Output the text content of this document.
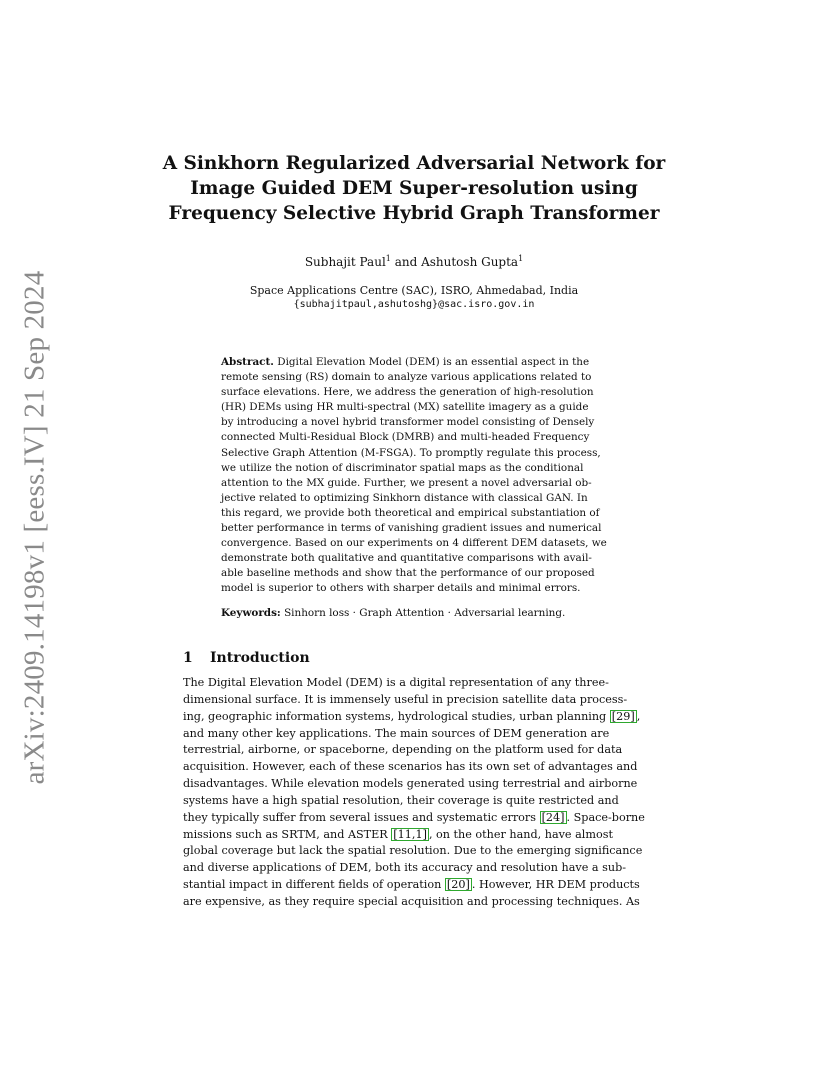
arXiv:2409.14198v1 [eess.IV] 21 Sep 2024
A Sinkhorn Regularized Adversarial Network for
Image Guided DEM Super-resolution using
Frequency Selective Hybrid Graph Transformer
Subhajit Paul$^1$ and Ashutosh Gupta$^1$
Space Applications Centre (SAC), ISRO, Ahmedabad, India
{subhajitpaul,ashutoshg}@sac.isro.gov.in

Abstract. Digital Elevation Model (DEM) is an essential aspect in the
remote sensing (RS) domain to analyze various applications related to
surface elevations. Here, we address the generation of high-resolution
(HR) DEMs using HR multi-spectral (MX) satellite imagery as a guide
by introducing a novel hybrid transformer model consisting of Densely
connected Multi-Residual Block (DMRB) and multi-headed Frequency
Selective Graph Attention (M-FSGA). To promptly regulate this process,
we utilize the notion of discriminator spatial maps as the conditional
attention to the MX guide. Further, we present a novel adversarial ob-
jective related to optimizing Sinkhorn distance with classical GAN. In
this regard, we provide both theoretical and empirical substantiation of
better performance in terms of vanishing gradient issues and numerical
convergence. Based on our experiments on 4 different DEM datasets, we
demonstrate both qualitative and quantitative comparisons with avail-
able baseline methods and show that the performance of our proposed
model is superior to others with sharper details and minimal errors.

Keywords: Sinhorn loss · Graph Attention · Adversarial learning.

1 Introduction

The Digital Elevation Model (DEM) is a digital representation of any three-
dimensional surface. It is immensely useful in precision satellite data process-
ing, geographic information systems, hydrological studies, urban planning [29] ,
and many other key applications. The main sources of DEM generation are
terrestrial, airborne, or spaceborne, depending on the platform used for data
acquisition. However, each of these scenarios has its own set of advantages and
disadvantages. While elevation models generated using terrestrial and airborne
systems have a high spatial resolution, their coverage is quite restricted and
they typically suffer from several issues and systematic errors [24] . Space-borne
missions such as SRTM, and ASTER [11,1] , on the other hand, have almost
global coverage but lack the spatial resolution. Due to the emerging significance
and diverse applications of DEM, both its accuracy and resolution have a sub-
stantial impact in different fields of operation [20] . However, HR DEM products
are expensive, as they require special acquisition and processing techniques. As
